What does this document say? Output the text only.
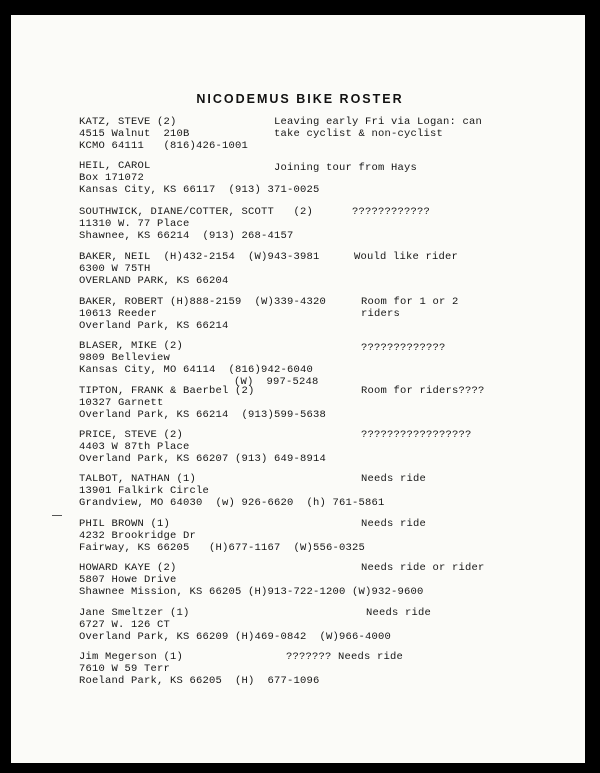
NICODEMUS BIKE ROSTER
KATZ, STEVE (2)
4515 Walnut  210B
KCMO 64111   (816)426-1001
Leaving early Fri via Logan: can
take cyclist & non-cyclist
HEIL, CAROL
Box 171072
Kansas City, KS 66117  (913) 371-0025
Joining tour from Hays
SOUTHWICK, DIANE/COTTER, SCOTT   (2)      ????????????
11310 W. 77 Place
Shawnee, KS 66214  (913) 268-4157
BAKER, NEIL  (H)432-2154  (W)943-3981
6300 W 75TH
OVERLAND PARK, KS 66204
Would like rider
BAKER, ROBERT (H)888-2159  (W)339-4320
10613 Reeder
Overland Park, KS 66214
Room for 1 or 2
riders
BLASER, MIKE (2)
9809 Belleview
Kansas City, MO 64114  (816)942-6040
(W)  997-5248
?????????????
TIPTON, FRANK & Baerbel (2)
10327 Garnett
Overland Park, KS 66214  (913)599-5638
Room for riders????
PRICE, STEVE (2)
4403 W 87th Place
Overland Park, KS 66207 (913) 649-8914
?????????????????
TALBOT, NATHAN (1)
13901 Falkirk Circle
Grandview, MO 64030  (w) 926-6620  (h) 761-5861
Needs ride
PHIL BROWN (1)
4232 Brookridge Dr
Fairway, KS 66205   (H)677-1167  (W)556-0325
Needs ride
HOWARD KAYE (2)
5807 Howe Drive
Shawnee Mission, KS 66205 (H)913-722-1200 (W)932-9600
Needs ride or rider
Jane Smeltzer (1)
6727 W. 126 CT
Overland Park, KS 66209 (H)469-0842  (W)966-4000
Needs ride
Jim Megerson (1)
7610 W 59 Terr
Roeland Park, KS 66205  (H)  677-1096
??????? Needs ride
